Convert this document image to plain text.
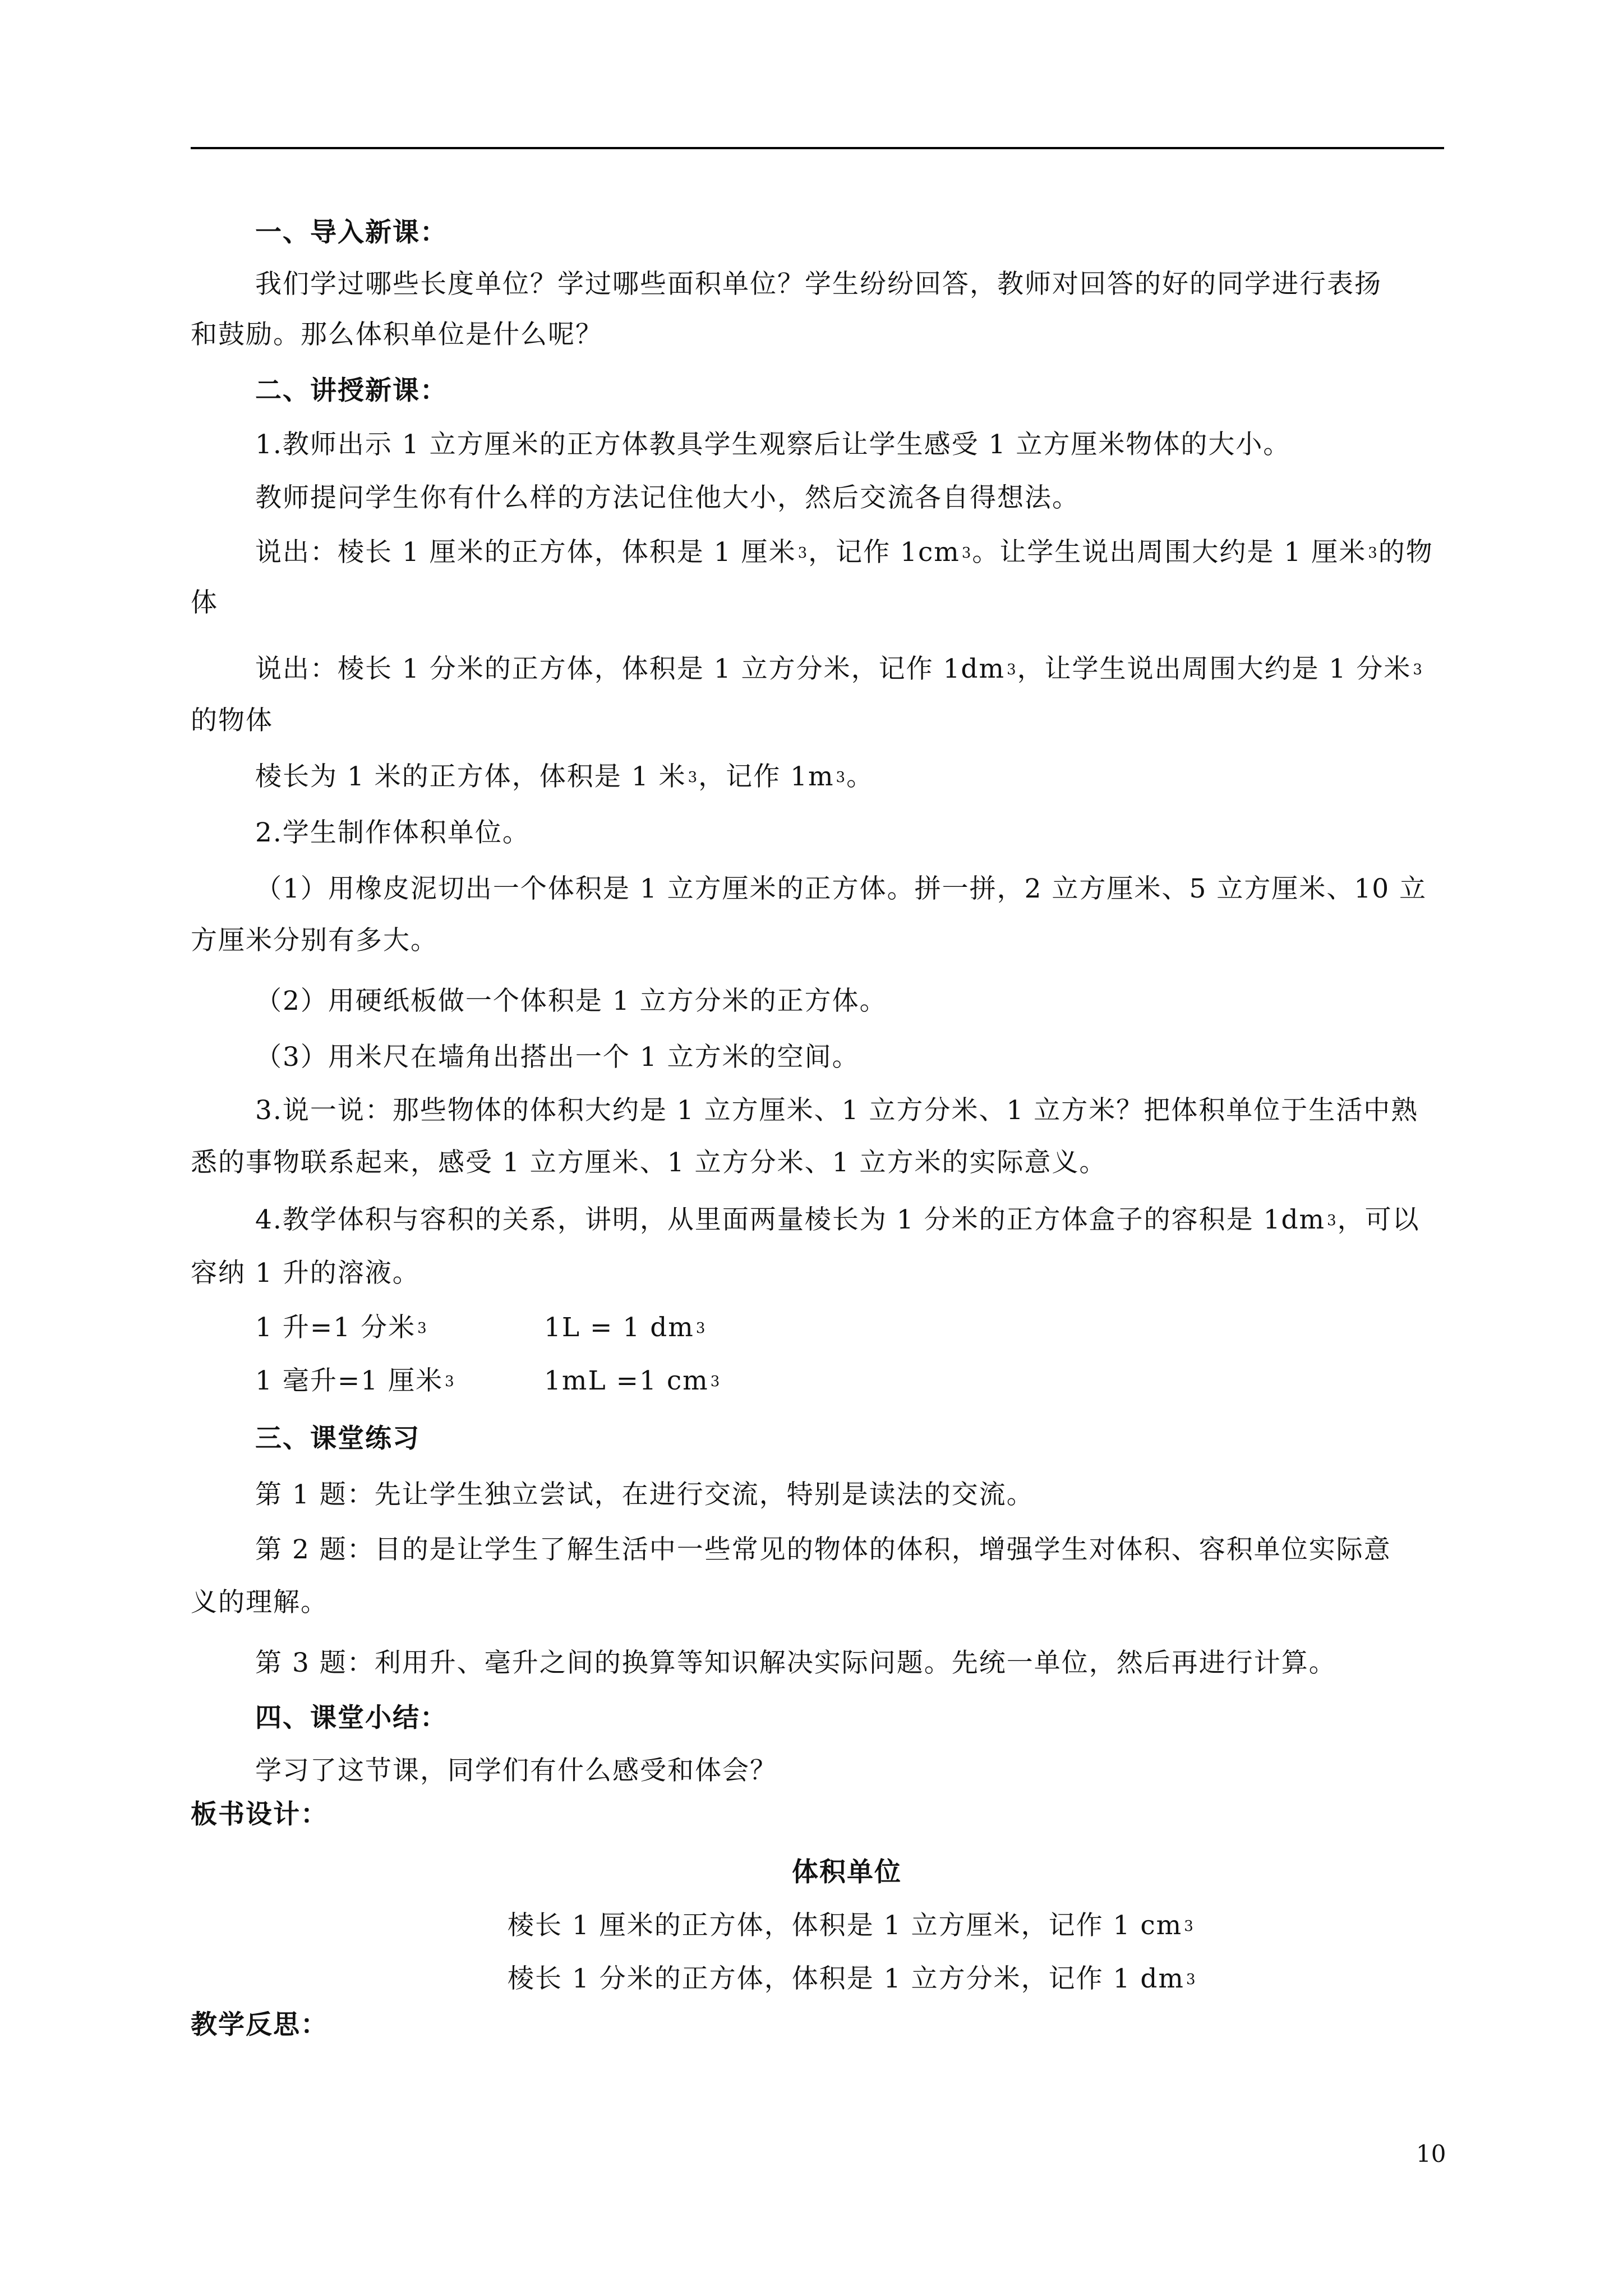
一、导入新课：
我们学过哪些长度单位？学过哪些面积单位？学生纷纷回答，教师对回答的好的同学进行表扬
和鼓励。那么体积单位是什么呢？
二、讲授新课：
1.教师出示 1 立方厘米的正方体教具学生观察后让学生感受 1 立方厘米物体的大小。
教师提问学生你有什么样的方法记住他大小，然后交流各自得想法。
说出：棱长 1 厘米的正方体，体积是 1 厘米 $^3$，记作 1cm $^3$。让学生说出周围大约是 1 厘米 $^3$的物
体
说出：棱长 1 分米的正方体，体积是 1 立方分米，记作 1dm $^3$，让学生说出周围大约是 1 分米 $^3$
的物体
棱长为 1 米的正方体，体积是 1 米 $^3$，记作 1m $^3$。
2.学生制作体积单位。
（1）用橡皮泥切出一个体积是 1 立方厘米的正方体。拼一拼，2 立方厘米、5 立方厘米、10 立
方厘米分别有多大。
（2）用硬纸板做一个体积是 1 立方分米的正方体。
（3）用米尺在墙角出搭出一个 1 立方米的空间。
3.说一说：那些物体的体积大约是 1 立方厘米、1 立方分米、1 立方米？把体积单位于生活中熟
悉的事物联系起来，感受 1 立方厘米、1 立方分米、1 立方米的实际意义。
4.教学体积与容积的关系，讲明，从里面两量棱长为 1 分米的正方体盒子的容积是 1dm $^3$，可以
容纳 1 升的溶液。
1 升=1 分米 $^3$	1L = 1 dm $^3$
1 毫升=1 厘米 $^3$	1mL =1 cm $^3$
三、课堂练习
第 1 题：先让学生独立尝试，在进行交流，特别是读法的交流。
第 2 题：目的是让学生了解生活中一些常见的物体的体积，增强学生对体积、容积单位实际意
义的理解。
第 3 题：利用升、毫升之间的换算等知识解决实际问题。先统一单位，然后再进行计算。
四、课堂小结：
学习了这节课，同学们有什么感受和体会？
板书设计：
体积单位
棱长 1 厘米的正方体，体积是 1 立方厘米，记作 1 cm $^3$
棱长 1 分米的正方体，体积是 1 立方分米，记作 1 dm $^3$
教学反思：
10
